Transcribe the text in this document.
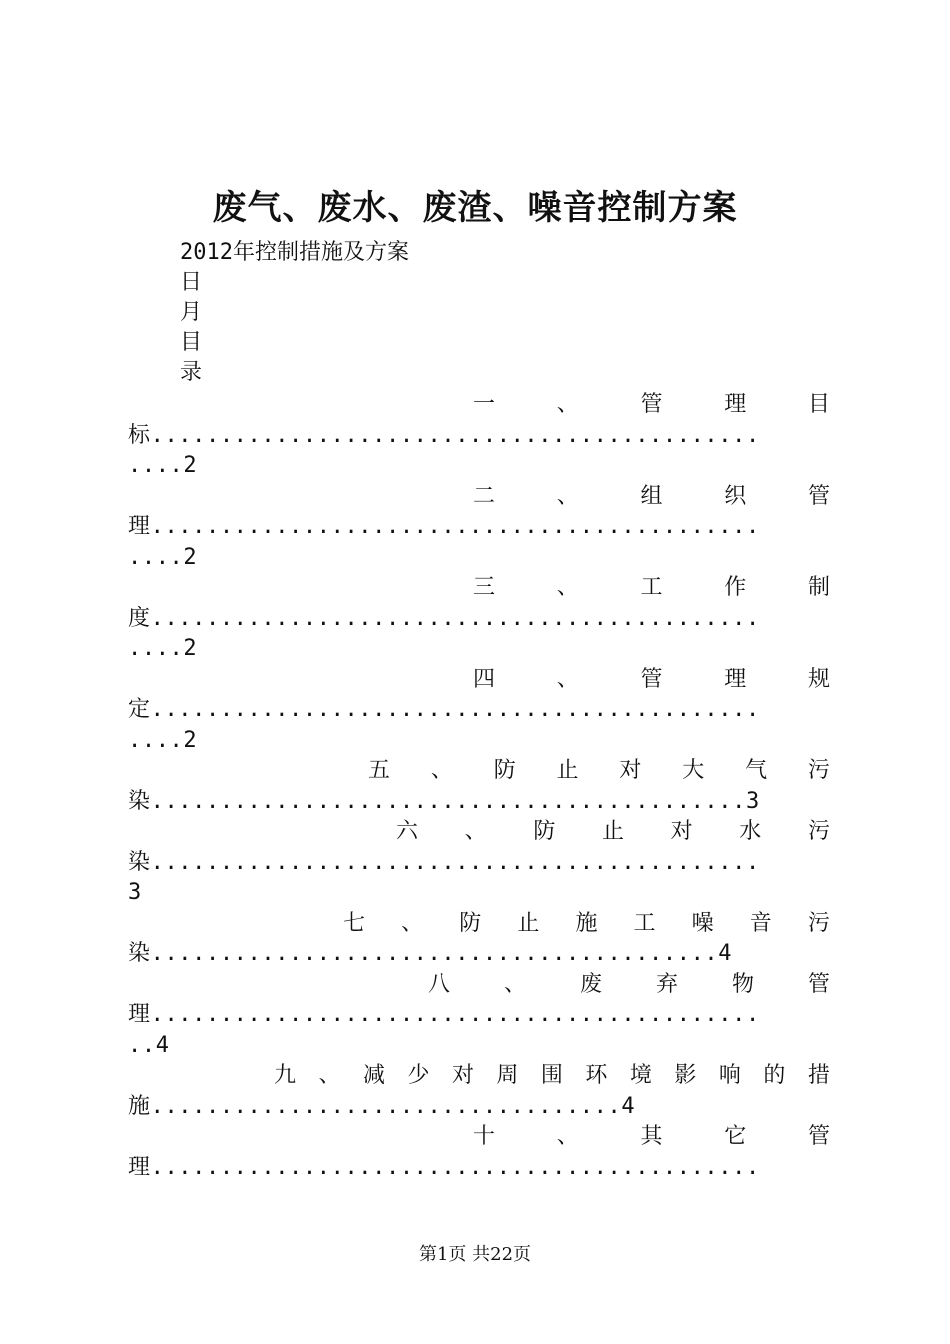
废气、废水、废渣、噪音控制方案
2012年控制措施及方案
日
月
目
录
一	、	管	理	目
标............................................
....2
二	、	组	织	管
理............................................
....2
三	、	工	作	制
度............................................
....2
四	、	管	理	规
定............................................
....2
五 、 防 止 对 大 气 污
染...........................................3
六 、 防 止 对 水 污
染............................................
3
七 、 防 止 施 工 噪 音 污
染.........................................4
八 、 废 弃 物 管
理............................................
..4
九 、 减 少 对 周 围 环 境 影 响 的 措
施..................................4
十	、	其	它	管
理............................................
第1页 共22页
